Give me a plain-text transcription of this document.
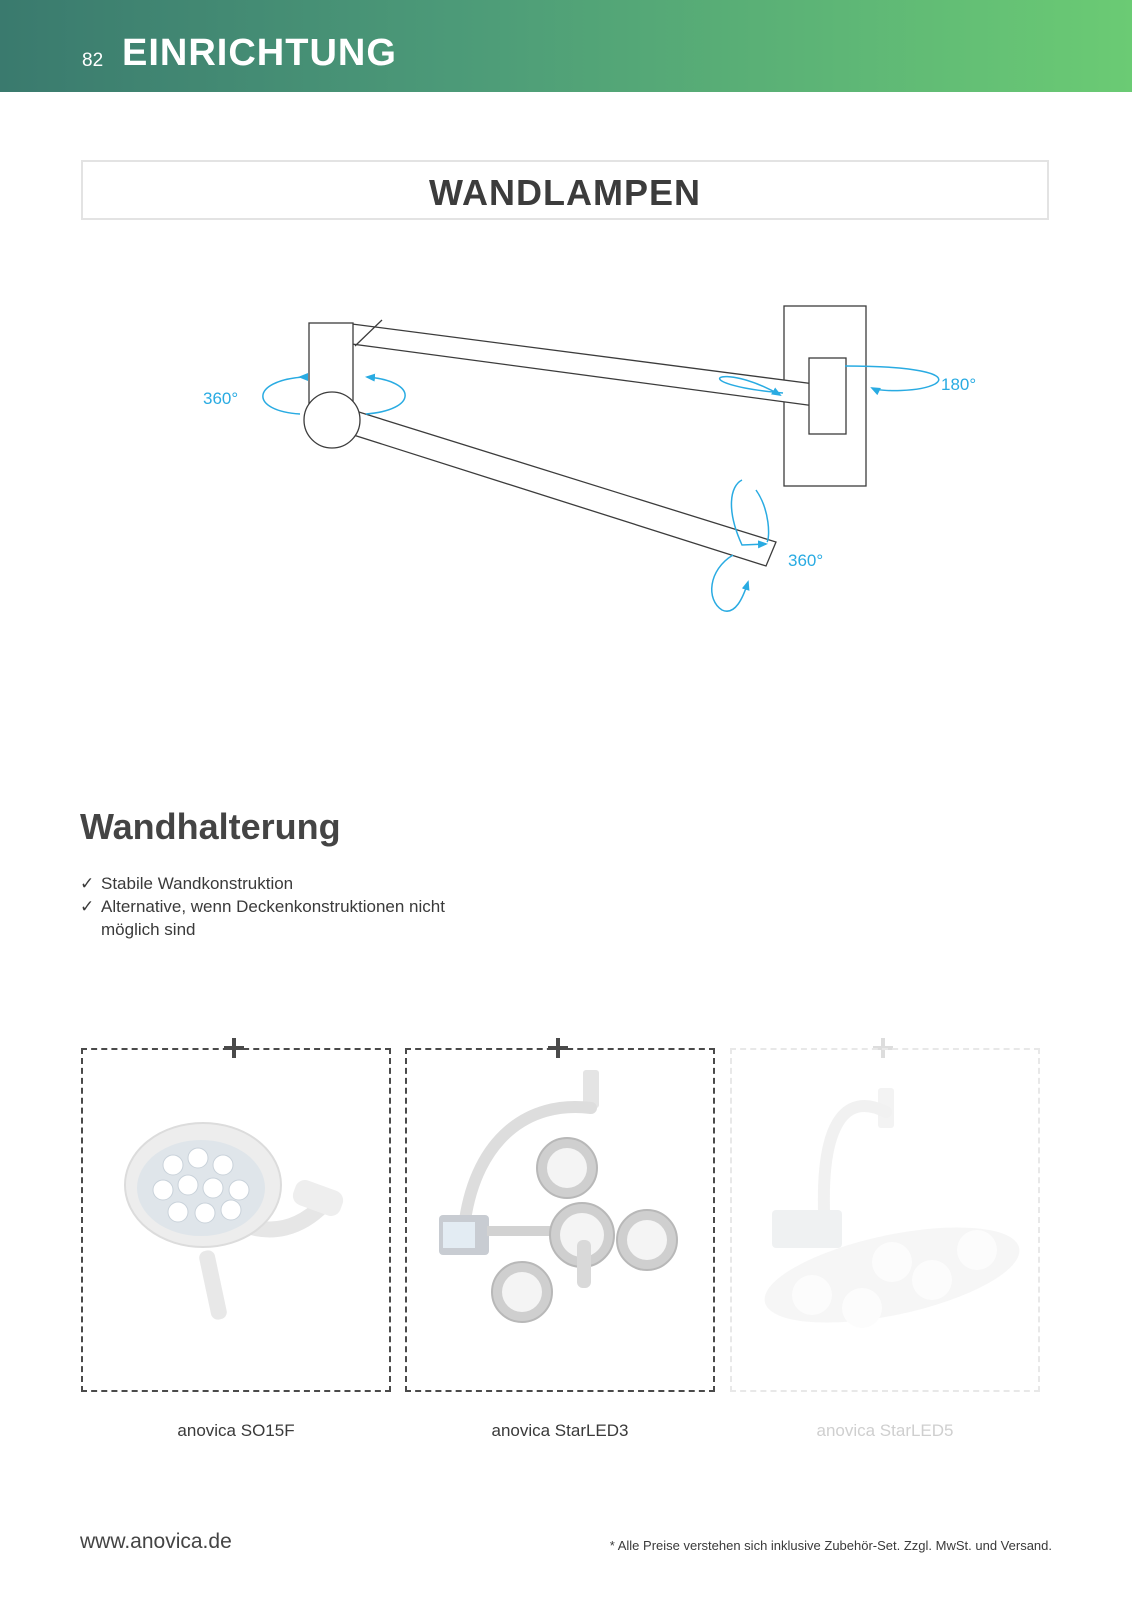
82 EINRICHTUNG
WANDLAMPEN
360°
180°
360°
Wandhalterung
✓ Stabile Wandkonstruktion
✓ Alternative, wenn Deckenkonstruktionen nicht möglich sind
anovica SO15F	anovica StarLED3	anovica StarLED5
www.anovica.de	* Alle Preise verstehen sich inklusive Zubehör-Set. Zzgl. MwSt. und Versand.
